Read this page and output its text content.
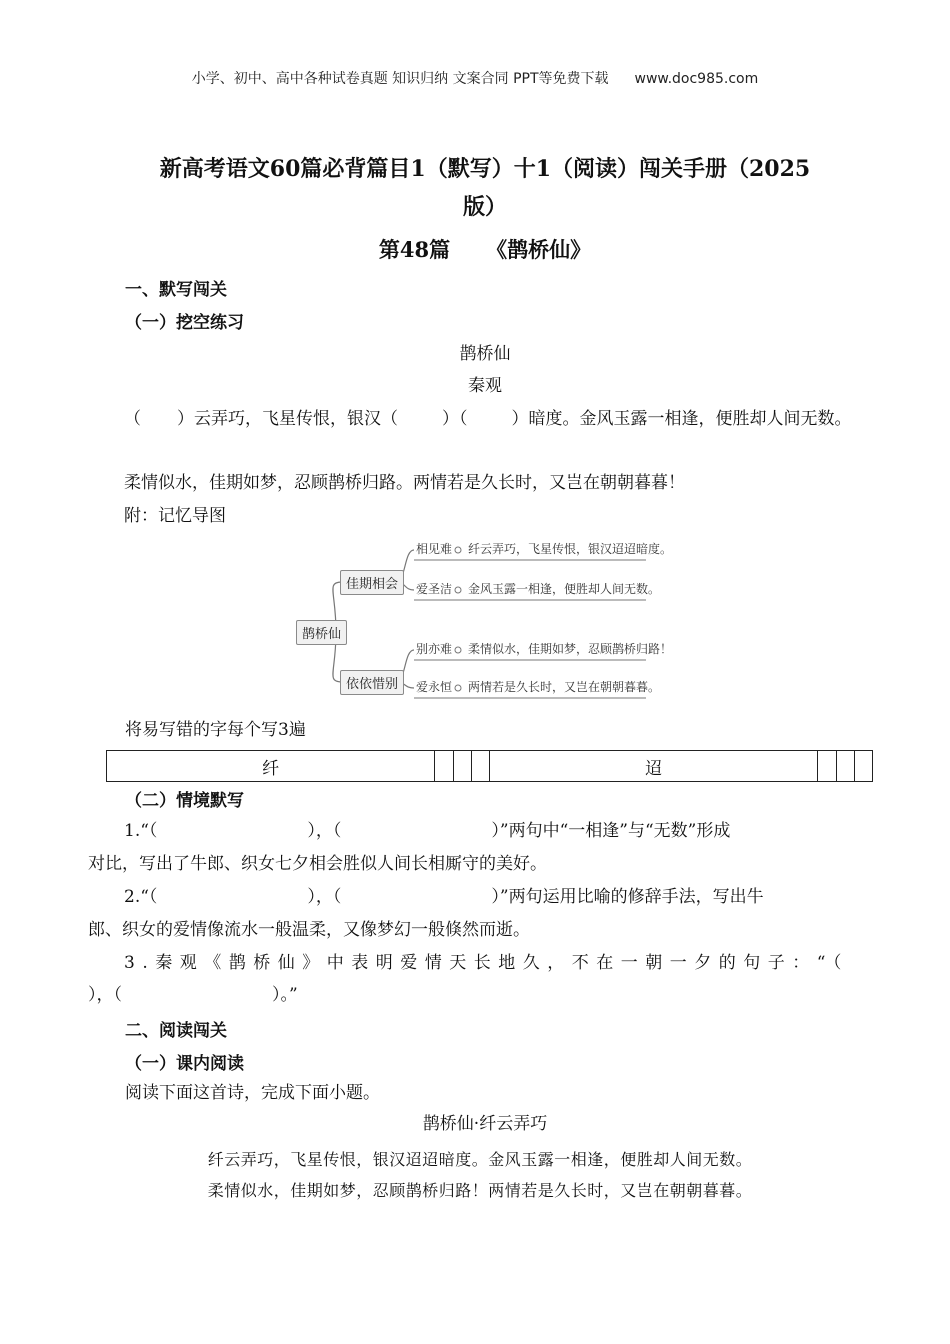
小学、初中、高中各种试卷真题 知识归纳 文案合同 PPT等免费下载 www.doc985.com
新高考语文60篇必背篇目1（默写）十1（阅读）闯关手册（2025
版）
第48篇 《鹊桥仙》
一、默写闯关
（一）挖空练习
鹊桥仙
秦观
（ ）云弄巧，飞星传恨，银汉（	）（	）暗度。金风玉露一相逢，便胜却人间无数。
柔情似水，佳期如梦，忍顾鹊桥归路。两情若是久长时，又岂在朝朝暮暮！
附：记忆导图
鹊桥仙
佳期相会
依依惜别
相见难 纤云弄巧，飞星传恨，银汉迢迢暗度。
爱圣洁 金风玉露一相逢，便胜却人间无数。
别亦难 柔情似水，佳期如梦，忍顾鹊桥归路！
爱永恒 两情若是久长时，又岂在朝朝暮暮。
将易写错的字每个写3遍
纤				迢			
（二）情境默写
1.“（	），（	）”两句中“一相逢”与“无数”形成
对比，写出了牛郎、织女七夕相会胜似人间长相厮守的美好。
2.“（	），（	）”两句运用比喻的修辞手法，写出牛
郎、织女的爱情像流水一般温柔，又像梦幻一般倏然而逝。
3.秦观《鹊桥仙》中表明爱情天长地久，不在一朝一夕的句子：“（
），（	）。”
二、阅读闯关
（一）课内阅读
阅读下面这首诗，完成下面小题。
鹊桥仙·纤云弄巧
纤云弄巧，飞星传恨，银汉迢迢暗度。金风玉露一相逢，便胜却人间无数。
柔情似水，佳期如梦，忍顾鹊桥归路！两情若是久长时，又岂在朝朝暮暮。
